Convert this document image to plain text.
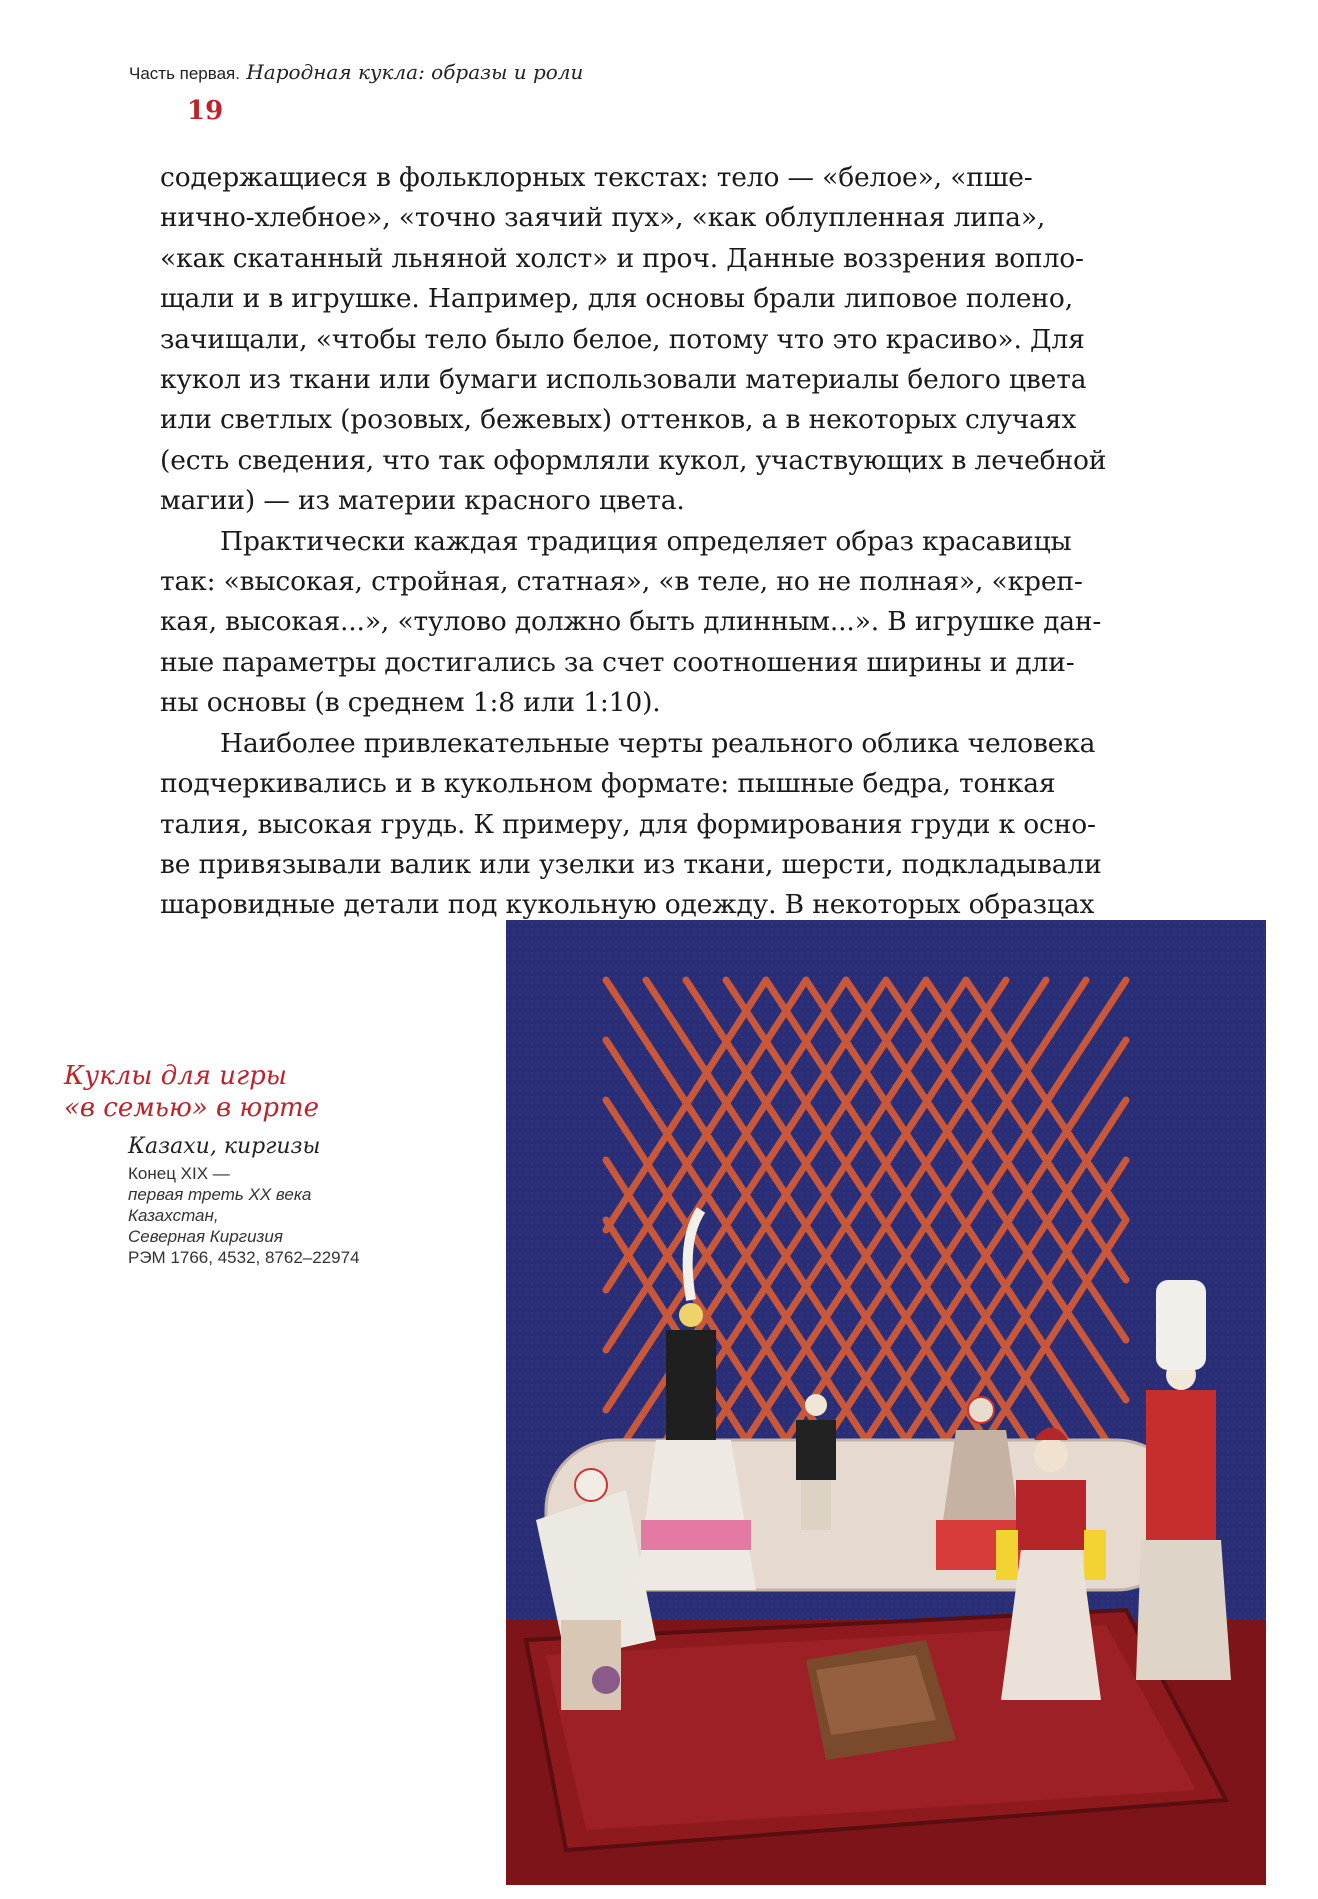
Часть первая. Народная кукла: образы и роли
19

содержащиеся в фольклорных текстах: тело — «белое», «пше-
нично-хлебное», «точно заячий пух», «как облупленная липа»,
«как скатанный льняной холст» и проч. Данные воззрения вопло-
щали и в игрушке. Например, для основы брали липовое полено,
зачищали, «чтобы тело было белое, потому что это красиво». Для
кукол из ткани или бумаги использовали материалы белого цвета
или светлых (розовых, бежевых) оттенков, а в некоторых случаях
(есть сведения, что так оформляли кукол, участвующих в лечебной
магии) — из материи красного цвета.

Практически каждая традиция определяет образ красавицы
так: «высокая, стройная, статная», «в теле, но не полная», «креп-
кая, высокая...», «тулово должно быть длинным...». В игрушке дан-
ные параметры достигались за счет соотношения ширины и дли-
ны основы (в среднем 1:8 или 1:10).

Наиболее привлекательные черты реального облика человека
подчеркивались и в кукольном формате: пышные бедра, тонкая
талия, высокая грудь. К примеру, для формирования груди к осно-
ве привязывали валик или узелки из ткани, шерсти, подкладывали
шаровидные детали под кукольную одежду. В некоторых образцах

Куклы для игры
«в семью» в юрте
Казахи, киргизы
Конец XIX —
первая треть XX века
Казахстан,
Северная Киргизия
РЭМ 1766, 4532, 8762–22974
